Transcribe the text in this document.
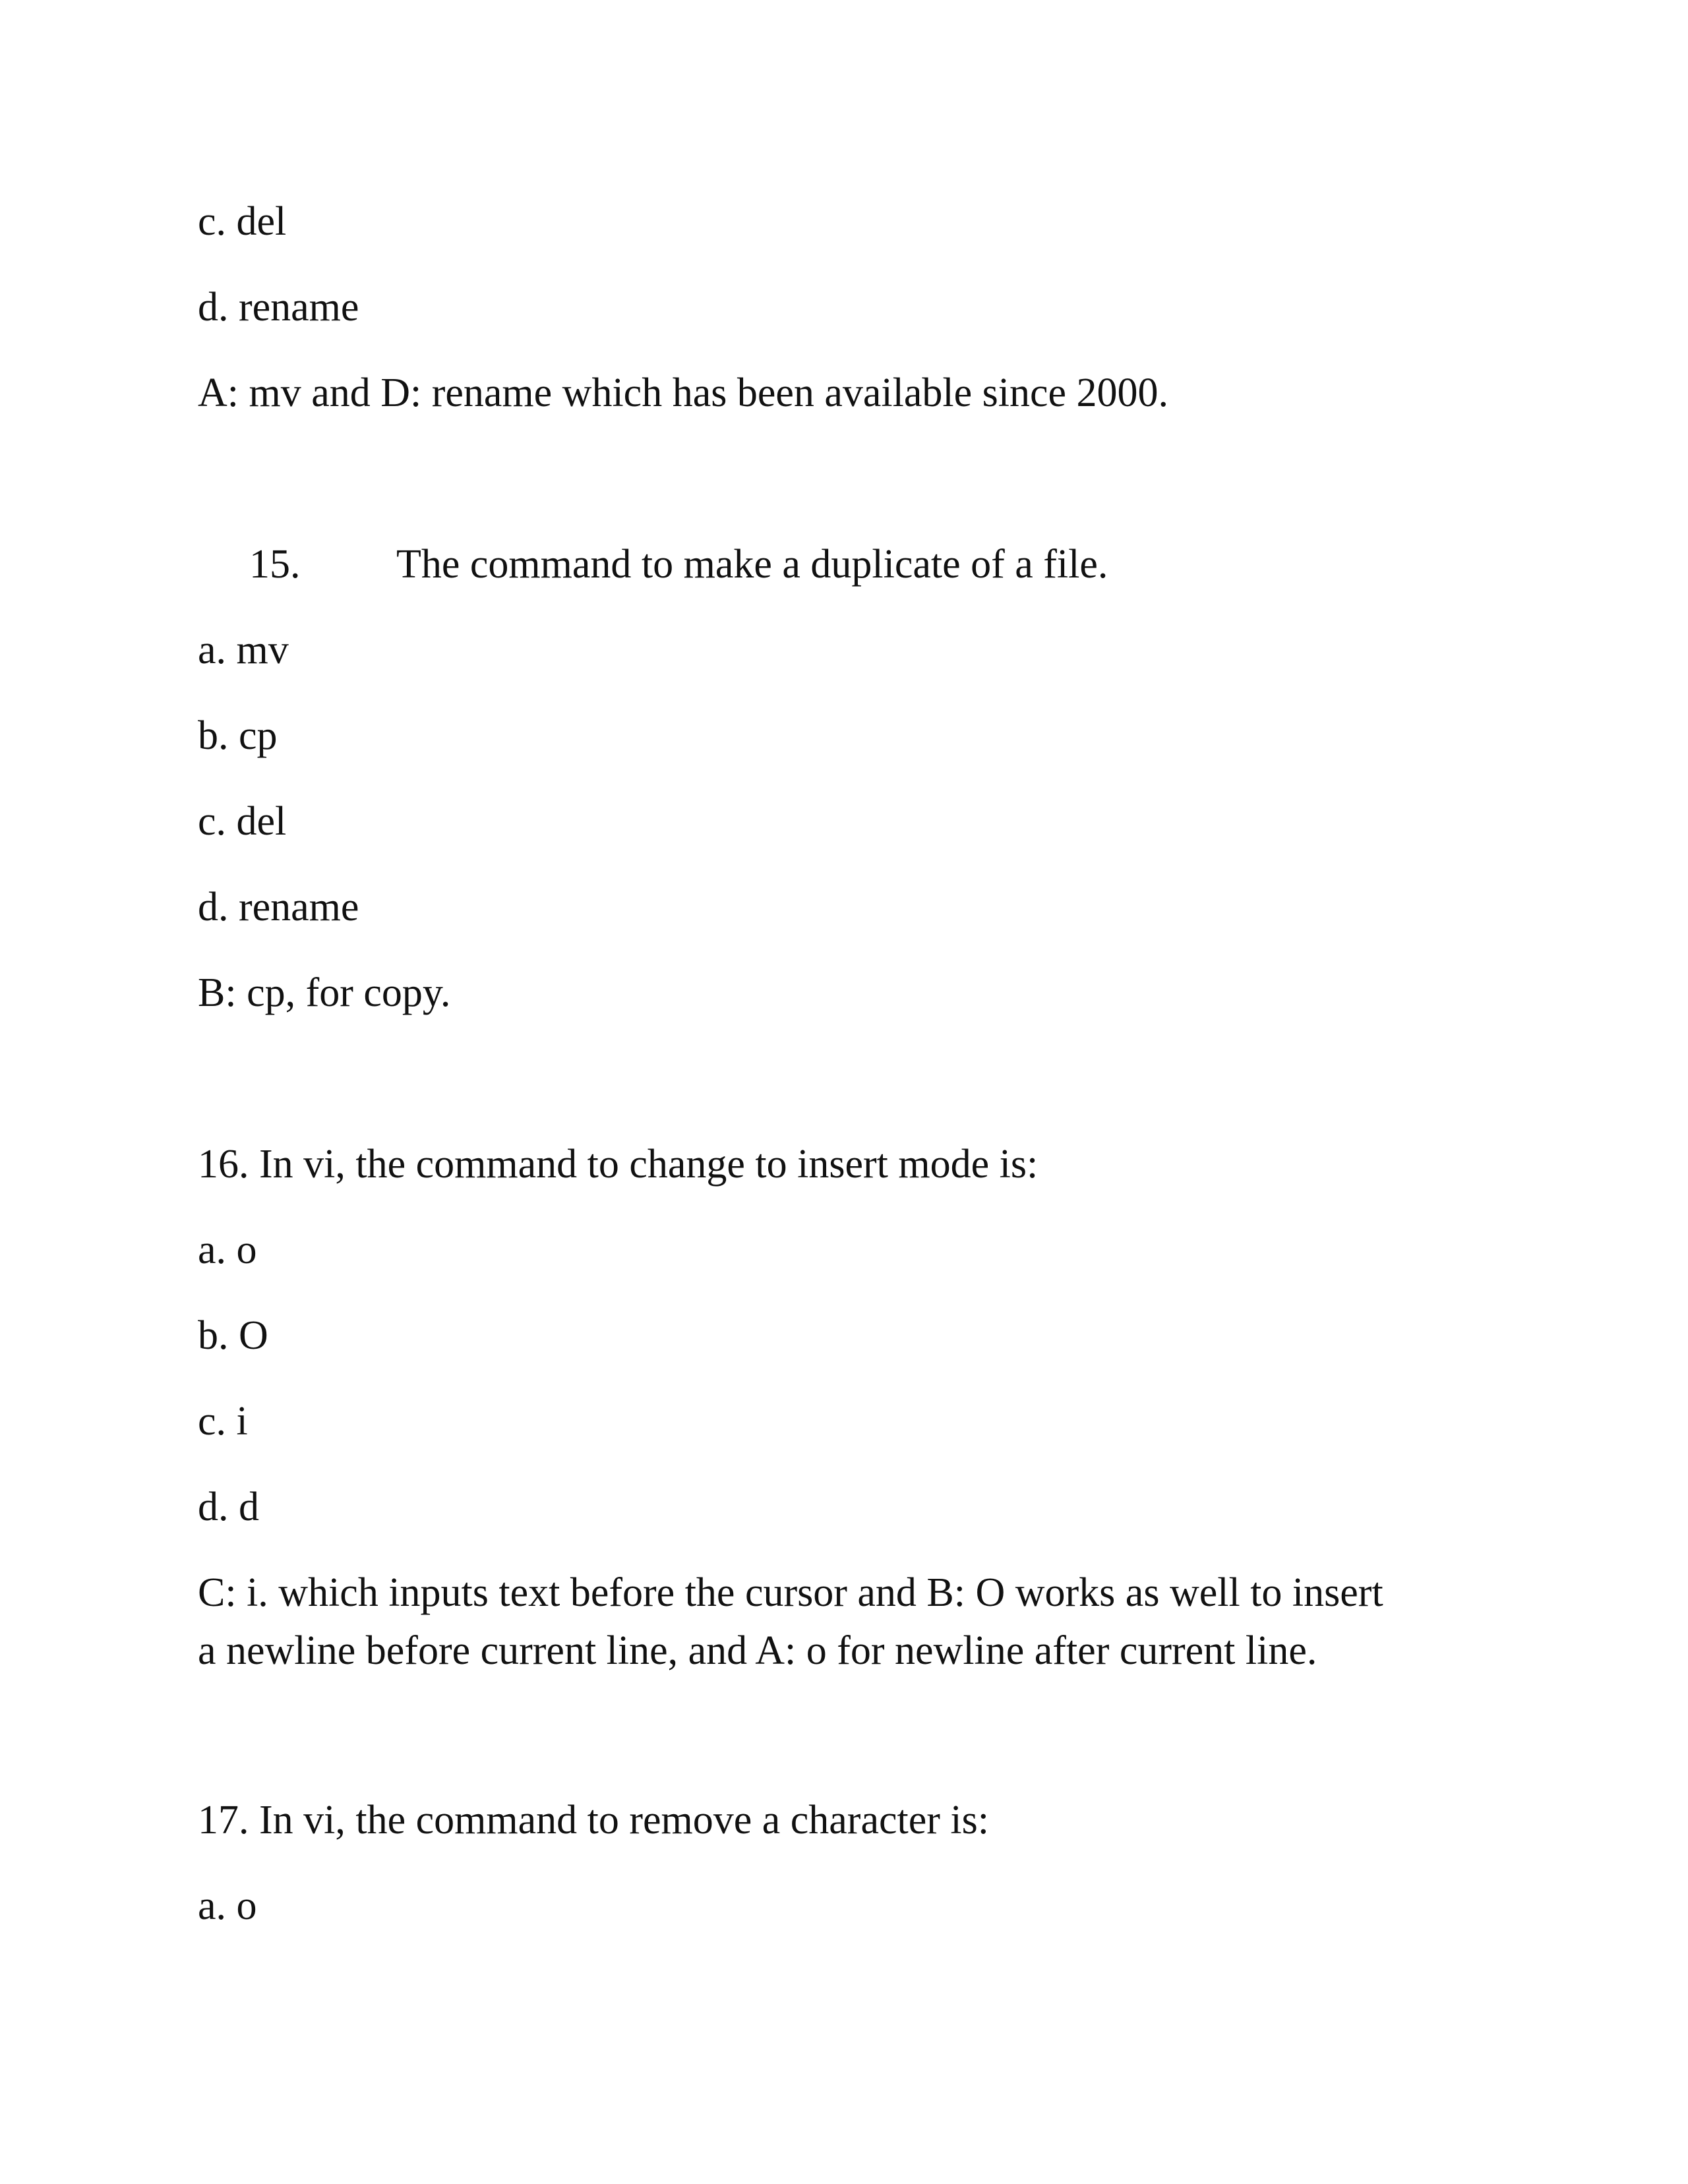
c. del
d. rename
A: mv and D: rename which has been available since 2000.
15. The command to make a duplicate of a file.
a. mv
b. cp
c. del
d. rename
B: cp, for copy.
16. In vi, the command to change to insert mode is:
a. o
b. O
c. i
d. d
C: i. which inputs text before the cursor and B: O works as well to insert
a newline before current line, and A: o for newline after current line.
17. In vi, the command to remove a character is:
a. o
